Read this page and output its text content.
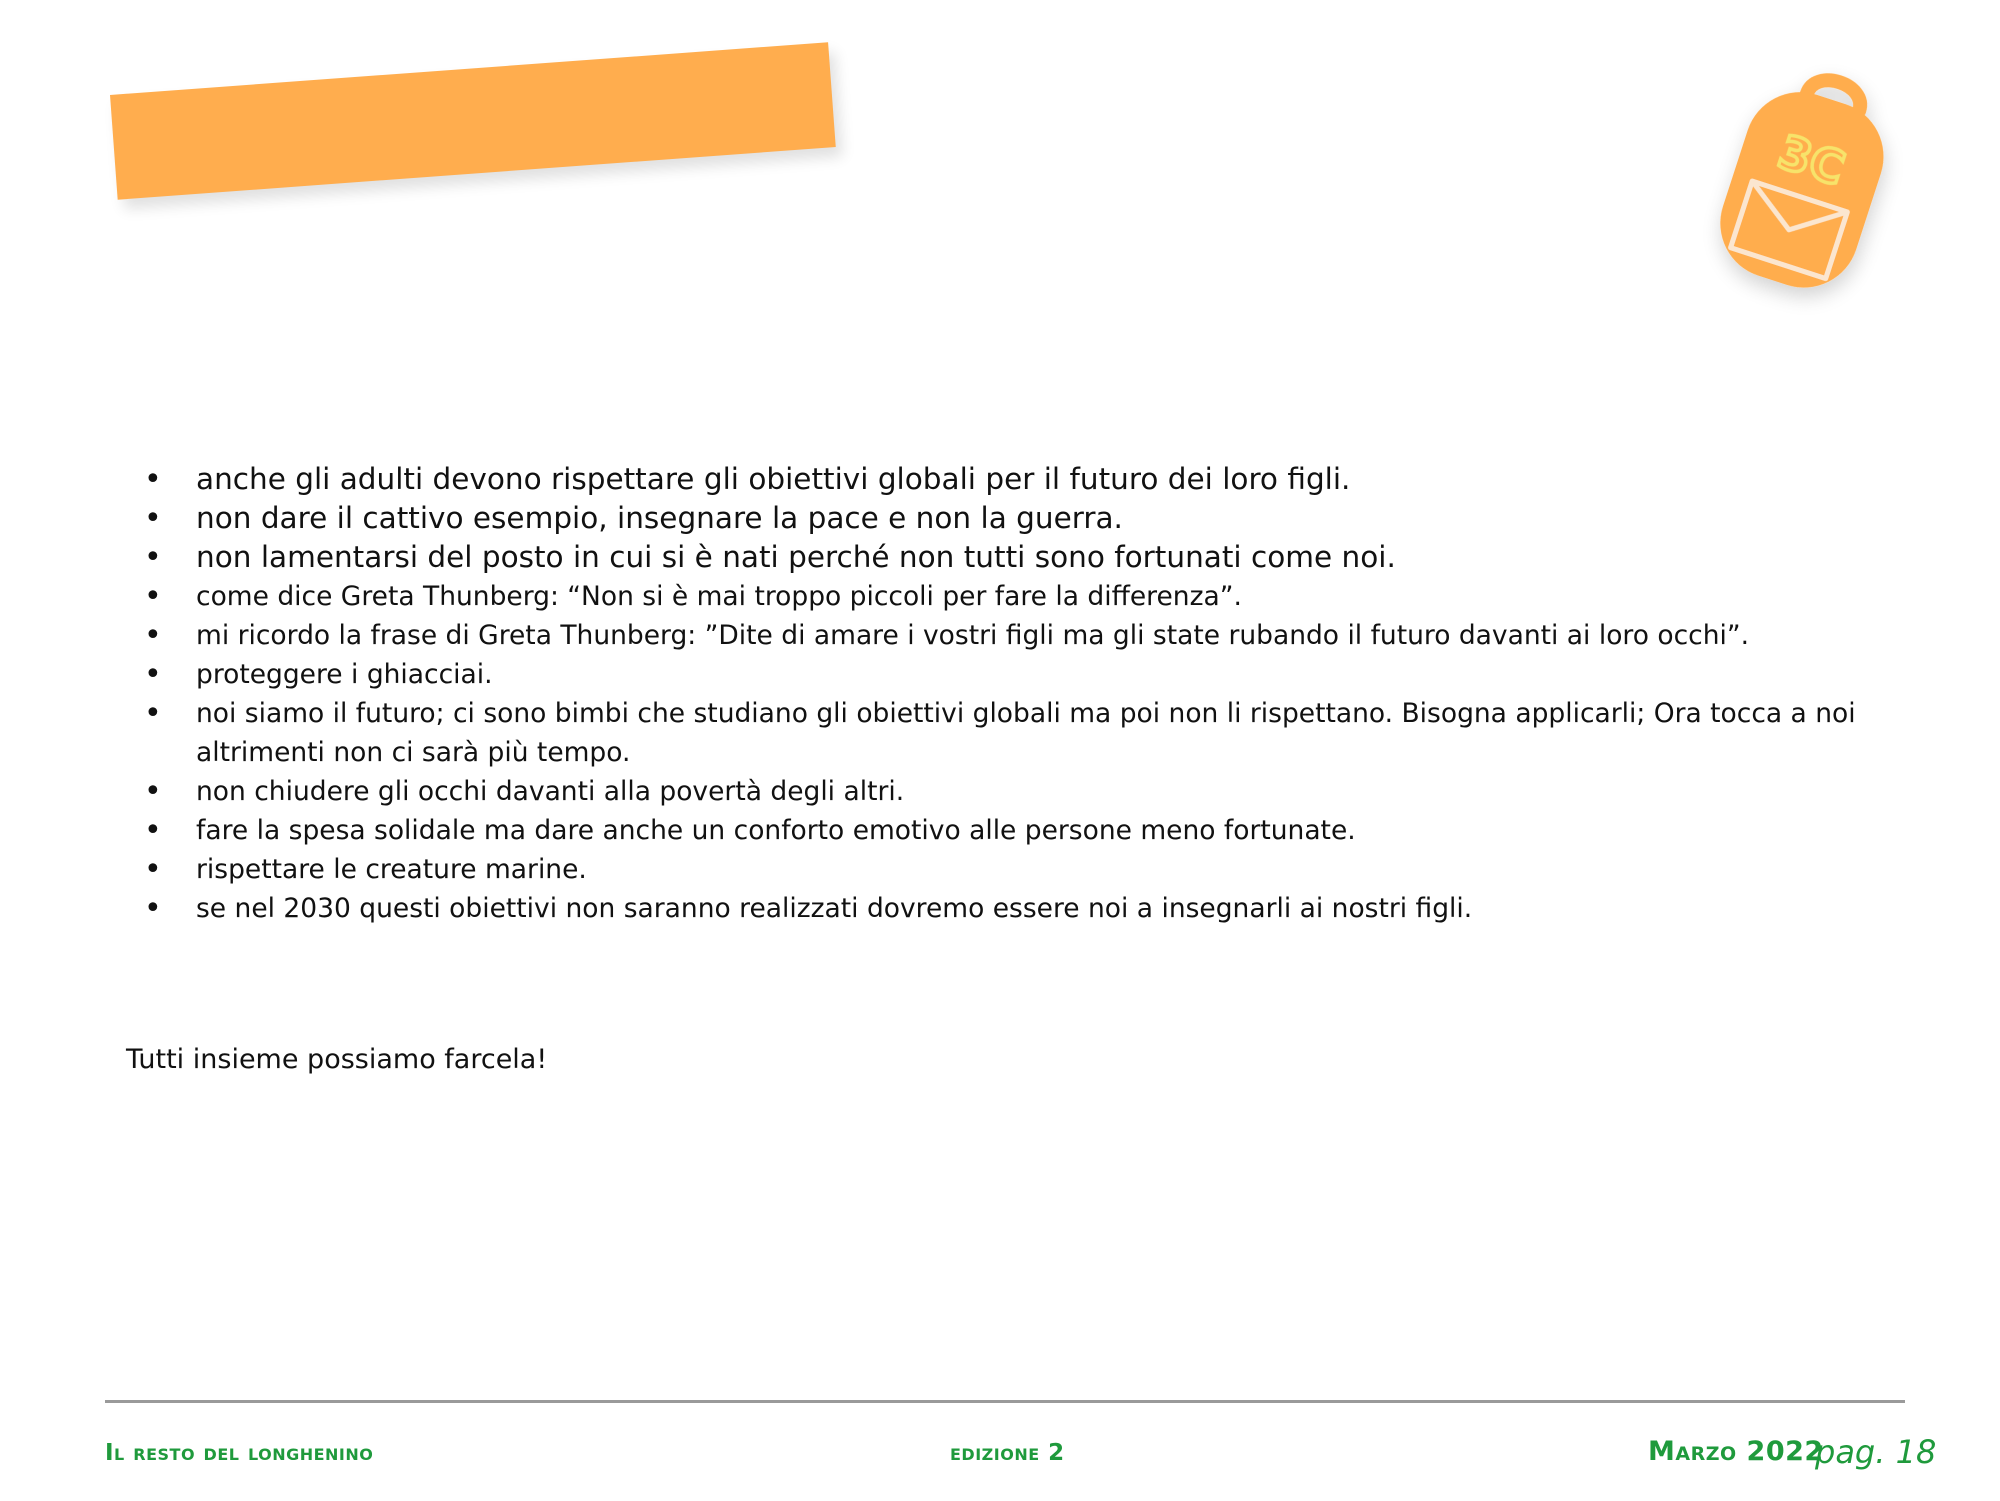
3C
• anche gli adulti devono rispettare gli obiettivi globali per il futuro dei loro figli.
• non dare il cattivo esempio, insegnare la pace e non la guerra.
• non lamentarsi del posto in cui si è nati perché non tutti sono fortunati come noi.
• come dice Greta Thunberg: “Non si è mai troppo piccoli per fare la differenza”.
• mi ricordo la frase di Greta Thunberg: ”Dite di amare i vostri figli ma gli state rubando il futuro davanti ai loro occhi”.
• proteggere i ghiacciai.
• noi siamo il futuro; ci sono bimbi che studiano gli obiettivi globali ma poi non li rispettano. Bisogna applicarli; Ora tocca a noi altrimenti non ci sarà più tempo.
• non chiudere gli occhi davanti alla povertà degli altri.
• fare la spesa solidale ma dare anche un conforto emotivo alle persone meno fortunate.
• rispettare le creature marine.
• se nel 2030 questi obiettivi non saranno realizzati dovremo essere noi a insegnarli ai nostri figli.
Tutti insieme possiamo farcela!
Il resto del longhenino	edizione 2	Marzo 2022
pag. 18
